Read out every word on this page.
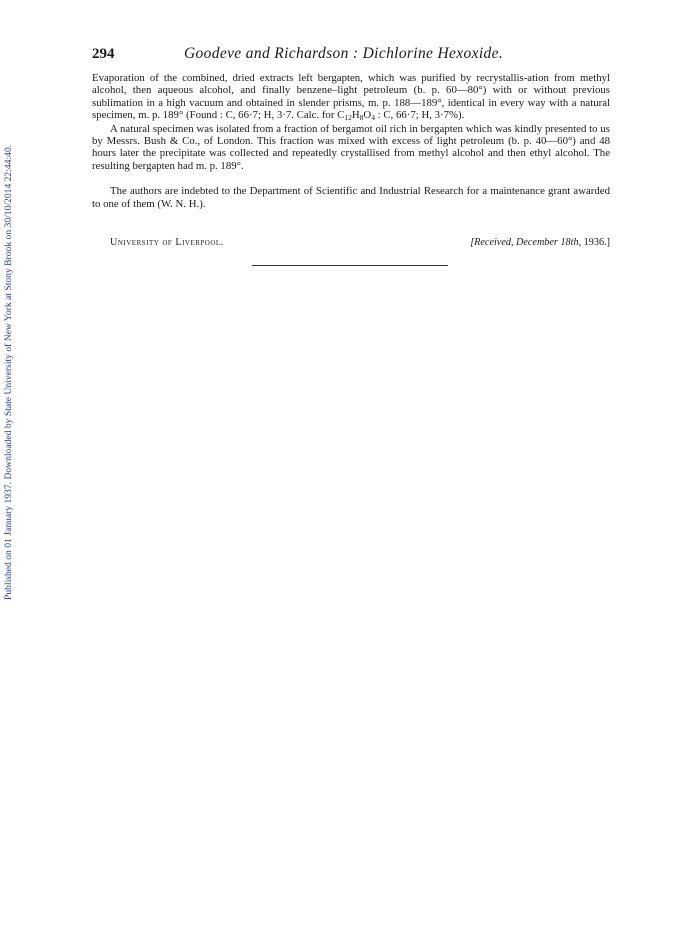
Published on 01 January 1937. Downloaded by State University of New York at Stony Brook on 30/10/2014 22:44:40.
294	Goodeve and Richardson : Dichlorine Hexoxide.

Evaporation of the combined, dried extracts left bergapten, which was purified by recrystallis-ation from methyl alcohol, then aqueous alcohol, and finally benzene–light petroleum (b. p. 60—80°) with or without previous sublimation in a high vacuum and obtained in slender prisms, m. p. 188—189°, identical in every way with a natural specimen, m. p. 189° (Found : C, 66·7; H, 3·7. Calc. for C12H8O4 : C, 66·7; H, 3·7%).

A natural specimen was isolated from a fraction of bergamot oil rich in bergapten which was kindly presented to us by Messrs. Bush & Co., of London. This fraction was mixed with excess of light petroleum (b. p. 40—60°) and 48 hours later the precipitate was collected and repeatedly crystallised from methyl alcohol and then ethyl alcohol. The resulting bergapten had m. p. 189°.

The authors are indebted to the Department of Scientific and Industrial Research for a maintenance grant awarded to one of them (W. N. H.).

University of Liverpool.	[Received, December 18th, 1936.]
